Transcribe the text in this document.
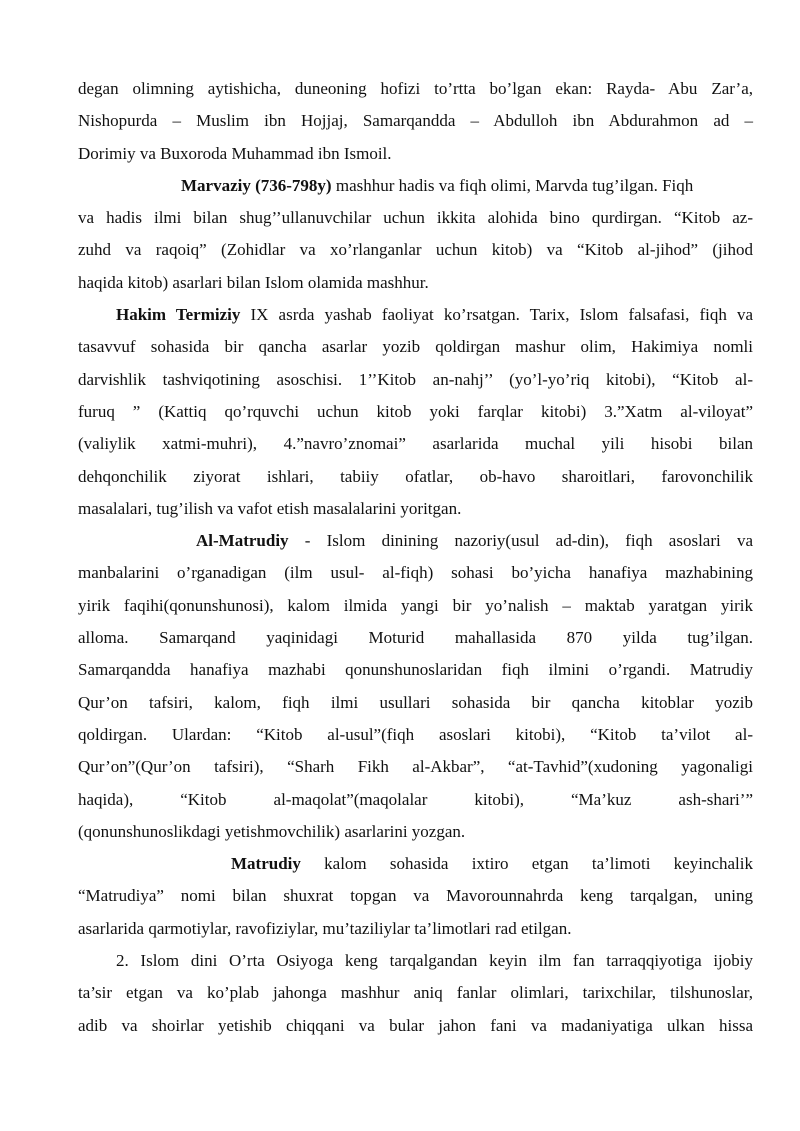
degan olimning aytishicha, duneoning hofizi to’rtta bo’lgan ekan: Rayda- Abu Zar’a,

Nishopurda – Muslim ibn Hojjaj, Samarqandda – Abdulloh ibn Abdurahmon ad –

Dorimiy va Buxoroda Muhammad ibn Ismoil.

Marvaziy (736-798y) mashhur hadis va fiqh olimi, Marvda tug’ilgan. Fiqh

va hadis ilmi bilan shug’’ullanuvchilar uchun ikkita alohida bino qurdirgan. “Kitob az-

zuhd va raqoiq” (Zohidlar va xo’rlanganlar uchun kitob) va “Kitob al-jihod” (jihod

haqida kitob) asarlari bilan Islom olamida mashhur.

Hakim Termiziy IX asrda yashab faoliyat ko’rsatgan. Tarix, Islom falsafasi, fiqh va

tasavvuf sohasida bir qancha asarlar yozib qoldirgan mashur olim, Hakimiya nomli

darvishlik tashviqotining asoschisi. 1’’Kitob an-nahj’’ (yo’l-yo’riq kitobi), “Kitob al-

furuq ” (Kattiq qo’rquvchi uchun kitob yoki farqlar kitobi) 3.”Xatm al-viloyat”

(valiylik xatmi-muhri), 4.”navro’znomai” asarlarida muchal yili hisobi bilan

dehqonchilik ziyorat ishlari, tabiiy ofatlar, ob-havo sharoitlari, farovonchilik

masalalari, tug’ilish va vafot etish masalalarini yoritgan.

Al-Matrudiy - Islom dinining nazoriy(usul ad-din), fiqh asoslari va

manbalarini o’rganadigan (ilm usul- al-fiqh) sohasi bo’yicha hanafiya mazhabining

yirik faqihi(qonunshunosi), kalom ilmida yangi bir yo’nalish – maktab yaratgan yirik

alloma. Samarqand yaqinidagi Moturid mahallasida 870 yilda tug’ilgan.

Samarqandda hanafiya mazhabi qonunshunoslaridan fiqh ilmini o’rgandi. Matrudiy

Qur’on tafsiri, kalom, fiqh ilmi usullari sohasida bir qancha kitoblar yozib

qoldirgan. Ulardan: “Kitob al-usul”(fiqh asoslari kitobi), “Kitob ta’vilot al-

Qur’on”(Qur’on tafsiri), “Sharh Fikh al-Akbar”, “at-Tavhid”(xudoning yagonaligi

haqida), “Kitob al-maqolat”(maqolalar kitobi), “Ma’kuz ash-shari’”

(qonunshunoslikdagi yetishmovchilik) asarlarini yozgan.

Matrudiy kalom sohasida ixtiro etgan ta’limoti keyinchalik

“Matrudiya” nomi bilan shuxrat topgan va Mavorounnahrda keng tarqalgan, uning

asarlarida qarmotiylar, ravofiziylar, mu’taziliylar ta’limotlari rad etilgan.

2. Islom dini O’rta Osiyoga keng tarqalgandan keyin ilm fan tarraqqiyotiga ijobiy

ta’sir etgan va ko’plab jahonga mashhur aniq fanlar olimlari, tarixchilar, tilshunoslar,

adib va shoirlar yetishib chiqqani va bular jahon fani va madaniyatiga ulkan hissa
